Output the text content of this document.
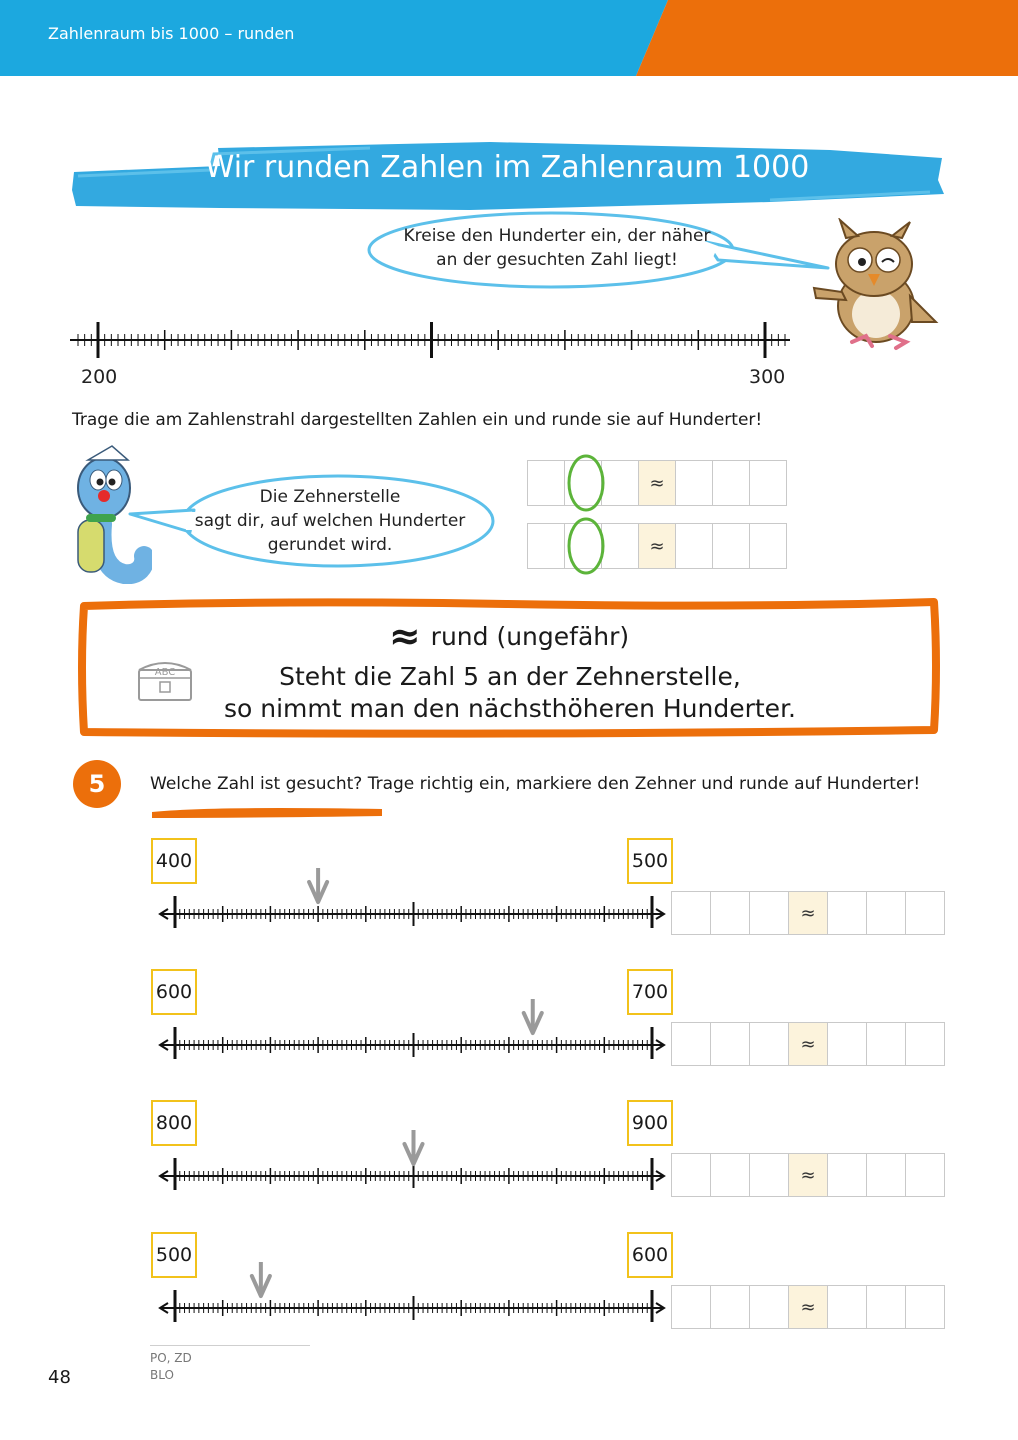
Zahlenraum bis 1000 – runden
Wir runden Zahlen im Zahlenraum 1000
Kreise den Hunderter ein, der näher
an der gesuchten Zahl liegt!
200	300
Trage die am Zahlenstrahl dargestellten Zahlen ein und runde sie auf Hunderter!
Die Zehnerstelle
sagt dir, auf welchen Hunderter
gerundet wird.
≈
≈
≈ rund (ungefähr)
ABC	Steht die Zahl 5 an der Zehnerstelle,
so nimmt man den nächsthöheren Hunderter.
5	Welche Zahl ist gesucht? Trage richtig ein, markiere den Zehner und runde auf Hunderter!
400	500
≈
600	700
≈
800	900
≈
500	600
≈
PO, ZD
BLO
48
